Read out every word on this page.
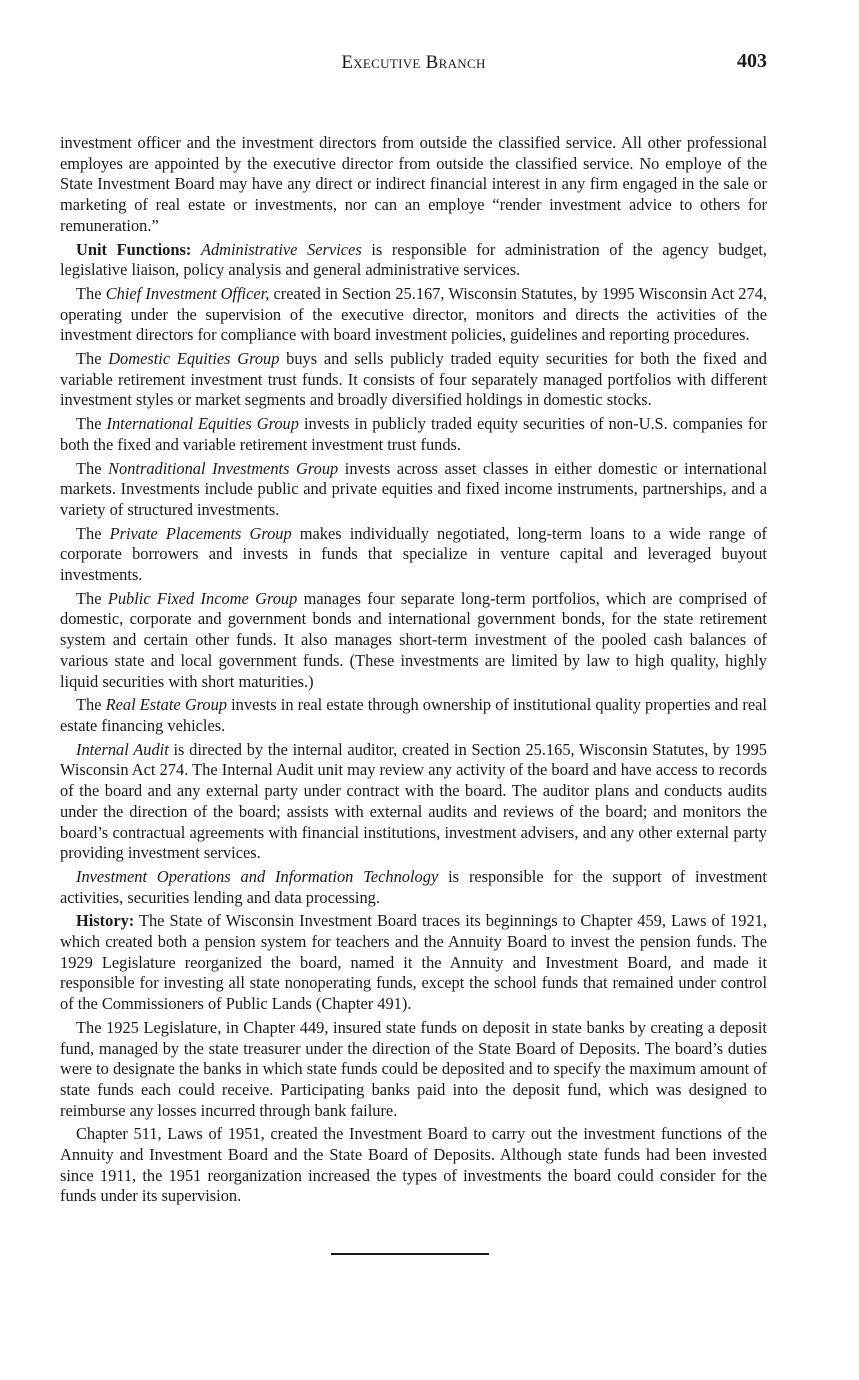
Executive Branch	403

investment officer and the investment directors from outside the classified service. All other professional employes are appointed by the executive director from outside the classified service. No employe of the State Investment Board may have any direct or indirect financial interest in any firm engaged in the sale or marketing of real estate or investments, nor can an employe “render investment advice to others for remuneration.”

Unit Functions: Administrative Services is responsible for administration of the agency budget, legislative liaison, policy analysis and general administrative services.

The Chief Investment Officer, created in Section 25.167, Wisconsin Statutes, by 1995 Wisconsin Act 274, operating under the supervision of the executive director, monitors and directs the activities of the investment directors for compliance with board investment policies, guidelines and reporting procedures.

The Domestic Equities Group buys and sells publicly traded equity securities for both the fixed and variable retirement investment trust funds. It consists of four separately managed portfolios with different investment styles or market segments and broadly diversified holdings in domestic stocks.

The International Equities Group invests in publicly traded equity securities of non-U.S. companies for both the fixed and variable retirement investment trust funds.

The Nontraditional Investments Group invests across asset classes in either domestic or international markets. Investments include public and private equities and fixed income instruments, partnerships, and a variety of structured investments.

The Private Placements Group makes individually negotiated, long-term loans to a wide range of corporate borrowers and invests in funds that specialize in venture capital and leveraged buyout investments.

The Public Fixed Income Group manages four separate long-term portfolios, which are comprised of domestic, corporate and government bonds and international government bonds, for the state retirement system and certain other funds. It also manages short-term investment of the pooled cash balances of various state and local government funds. (These investments are limited by law to high quality, highly liquid securities with short maturities.)

The Real Estate Group invests in real estate through ownership of institutional quality properties and real estate financing vehicles.

Internal Audit is directed by the internal auditor, created in Section 25.165, Wisconsin Statutes, by 1995 Wisconsin Act 274. The Internal Audit unit may review any activity of the board and have access to records of the board and any external party under contract with the board. The auditor plans and conducts audits under the direction of the board; assists with external audits and reviews of the board; and monitors the board’s contractual agreements with financial institutions, investment advisers, and any other external party providing investment services.

Investment Operations and Information Technology is responsible for the support of investment activities, securities lending and data processing.

History: The State of Wisconsin Investment Board traces its beginnings to Chapter 459, Laws of 1921, which created both a pension system for teachers and the Annuity Board to invest the pension funds. The 1929 Legislature reorganized the board, named it the Annuity and Investment Board, and made it responsible for investing all state nonoperating funds, except the school funds that remained under control of the Commissioners of Public Lands (Chapter 491).

The 1925 Legislature, in Chapter 449, insured state funds on deposit in state banks by creating a deposit fund, managed by the state treasurer under the direction of the State Board of Deposits. The board’s duties were to designate the banks in which state funds could be deposited and to specify the maximum amount of state funds each could receive. Participating banks paid into the deposit fund, which was designed to reimburse any losses incurred through bank failure.

Chapter 511, Laws of 1951, created the Investment Board to carry out the investment functions of the Annuity and Investment Board and the State Board of Deposits. Although state funds had been invested since 1911, the 1951 reorganization increased the types of investments the board could consider for the funds under its supervision.
